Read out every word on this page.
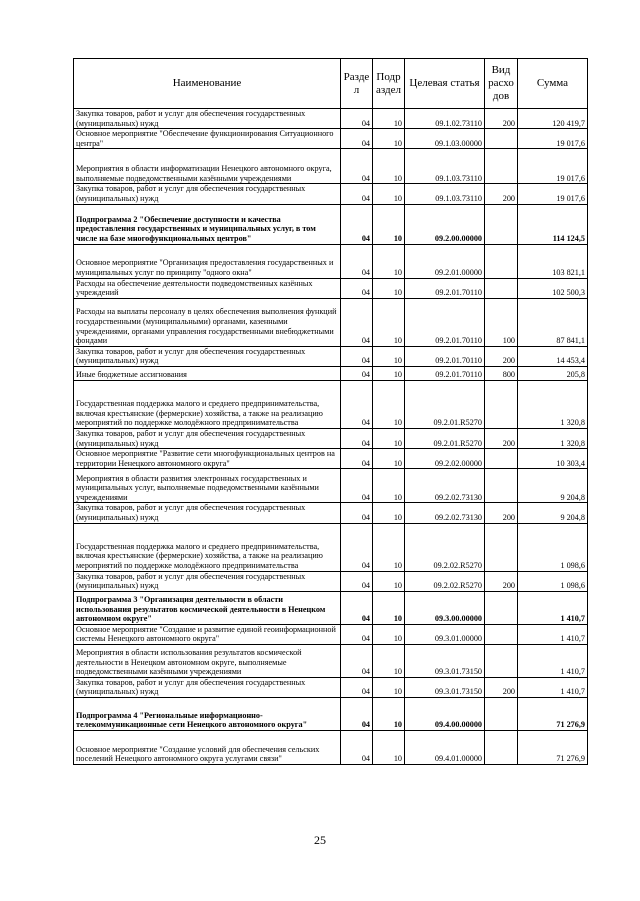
Наименование	Разде л	Подр аздел	Целевая статья	Вид расхо дов	Сумма
Закупка товаров, работ и услуг для обеспечения государственных (муниципальных) нужд	04	10	09.1.02.73110	200	120 419,7
Основное мероприятие "Обеспечение функционирования Ситуационного центра"	04	10	09.1.03.00000		19 017,6
Мероприятия в области информатизации Ненецкого автономного округа, выполняемые подведомственными казёнными учреждениями	04	10	09.1.03.73110		19 017,6
Закупка товаров, работ и услуг для обеспечения государственных (муниципальных) нужд	04	10	09.1.03.73110	200	19 017,6
Подпрограмма 2 "Обеспечение доступности и качества предоставления государственных и муниципальных услуг, в том числе на базе многофункциональных центров"	04	10	09.2.00.00000		114 124,5
Основное мероприятие "Организация предоставления государственных и муниципальных услуг по принципу "одного окна"	04	10	09.2.01.00000		103 821,1
Расходы на обеспечение деятельности подведомственных казённых учреждений	04	10	09.2.01.70110		102 500,3
Расходы на выплаты персоналу в целях обеспечения выполнения функций государственными (муниципальными) органами, казенными учреждениями, органами управления государственными внебюджетными фондами	04	10	09.2.01.70110	100	87 841,1
Закупка товаров, работ и услуг для обеспечения государственных (муниципальных) нужд	04	10	09.2.01.70110	200	14 453,4
Иные бюджетные ассигнования	04	10	09.2.01.70110	800	205,8
Государственная поддержка малого и среднего предпринимательства, включая крестьянские (фермерские) хозяйства, а также на реализацию мероприятий по поддержке молодёжного предпринимательства	04	10	09.2.01.R5270		1 320,8
Закупка товаров, работ и услуг для обеспечения государственных (муниципальных) нужд	04	10	09.2.01.R5270	200	1 320,8
Основное мероприятие "Развитие сети многофункциональных центров на территории Ненецкого автономного округа"	04	10	09.2.02.00000		10 303,4
Мероприятия в области развития электронных государственных и муниципальных услуг, выполняемые подведомственными казёнными учреждениями	04	10	09.2.02.73130		9 204,8
Закупка товаров, работ и услуг для обеспечения государственных (муниципальных) нужд	04	10	09.2.02.73130	200	9 204,8
Государственная поддержка малого и среднего предпринимательства, включая крестьянские (фермерские) хозяйства, а также на реализацию мероприятий по поддержке молодёжного предпринимательства	04	10	09.2.02.R5270		1 098,6
Закупка товаров, работ и услуг для обеспечения государственных (муниципальных) нужд	04	10	09.2.02.R5270	200	1 098,6
Подпрограмма 3 "Организация деятельности в области использования результатов космической деятельности в Ненецком автономном округе"	04	10	09.3.00.00000		1 410,7
Основное мероприятие "Создание и развитие единой геоинформационной системы Ненецкого автономного округа"	04	10	09.3.01.00000		1 410,7
Мероприятия в области использования результатов космической деятельности в Ненецком автономном округе, выполняемые подведомственными казёнными учреждениями	04	10	09.3.01.73150		1 410,7
Закупка товаров, работ и услуг для обеспечения государственных (муниципальных) нужд	04	10	09.3.01.73150	200	1 410,7
Подпрограмма 4 "Региональные информационно-телекоммуникационные сети Ненецкого автономного округа"	04	10	09.4.00.00000		71 276,9
Основное мероприятие "Создание условий для обеспечения сельских поселений Ненецкого автономного округа услугами связи"	04	10	09.4.01.00000		71 276,9
25
